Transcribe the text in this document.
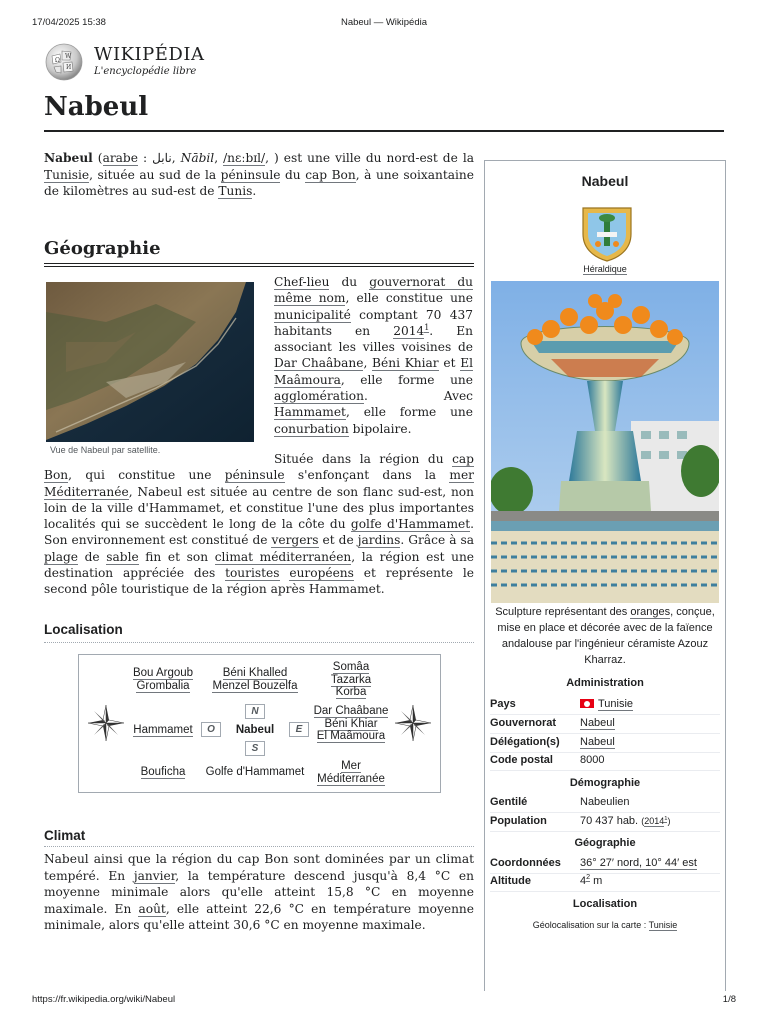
17/04/2025 15:38	Nabeul — Wikipédia
Ω
W
И
WIKIPÉDIA
L'encyclopédie libre
Nabeul

Nabeul (arabe : نابل, Nābil, /nɛːbɪl/, ) est une ville du nord-est de la Tunisie, située au sud de la péninsule du cap Bon, à une soixantaine de kilomètres au sud-est de Tunis.

Géographie
Vue de Nabeul par satellite.

Chef-lieu du gouvernorat du même nom, elle constitue une municipalité comptant 70 437 habitants en 2014$^1$. En associant les villes voisines de Dar Chaâbane, Béni Khiar et El Maâmoura, elle forme une agglomération. Avec Hammamet, elle forme une conurbation bipolaire.

Située dans la région du cap Bon, qui constitue une péninsule s'enfonçant dans la mer Méditerranée, Nabeul est située au centre de son flanc sud-est, non loin de la ville d'Hammamet, et constitue l'une des plus importantes localités qui se succèdent le long de la côte du golfe d'Hammamet. Son environnement est constitué de vergers et de jardins. Grâce à sa plage de sable fin et son climat méditerranéen, la région est une destination appréciée des touristes européens et représente le second pôle touristique de la région après Hammamet.

Localisation
Bou Argoub
Grombalia
Béni Khalled
Menzel Bouzelfa
Somâa
Tazarka
Korba
N
Hammamet	O	Nabeul	E
Dar Chaâbane
Béni Khiar
El Maâmoura
S
Bouficha	Golfe d'Hammamet	Mer Méditerranée
Climat

Nabeul ainsi que la région du cap Bon sont dominées par un climat tempéré. En janvier, la température descend jusqu'à 8,4 °C en moyenne minimale alors qu'elle atteint 15,8 °C en moyenne maximale. En août, elle atteint 22,6 °C en température moyenne minimale, alors qu'elle atteint 30,6 °C en moyenne maximale.

Nabeul
Héraldique
Sculpture représentant des oranges, conçue, mise en place et décorée avec de la faïence andalouse par l'ingénieur céramiste Azouz Kharraz.
Administration
Pays	Tunisie
Gouvernorat Nabeul
Délégation(s) Nabeul
Code postal 8000
Démographie
Gentilé	Nabeulien
Population	70 437 hab. (2014$^1$)
Géographie
Coordonnées 36° 27′ nord, 10° 44′ est
Altitude	$4^2$ m
Localisation
Géolocalisation sur la carte : Tunisie
https://fr.wikipedia.org/wiki/Nabeul	1/8
